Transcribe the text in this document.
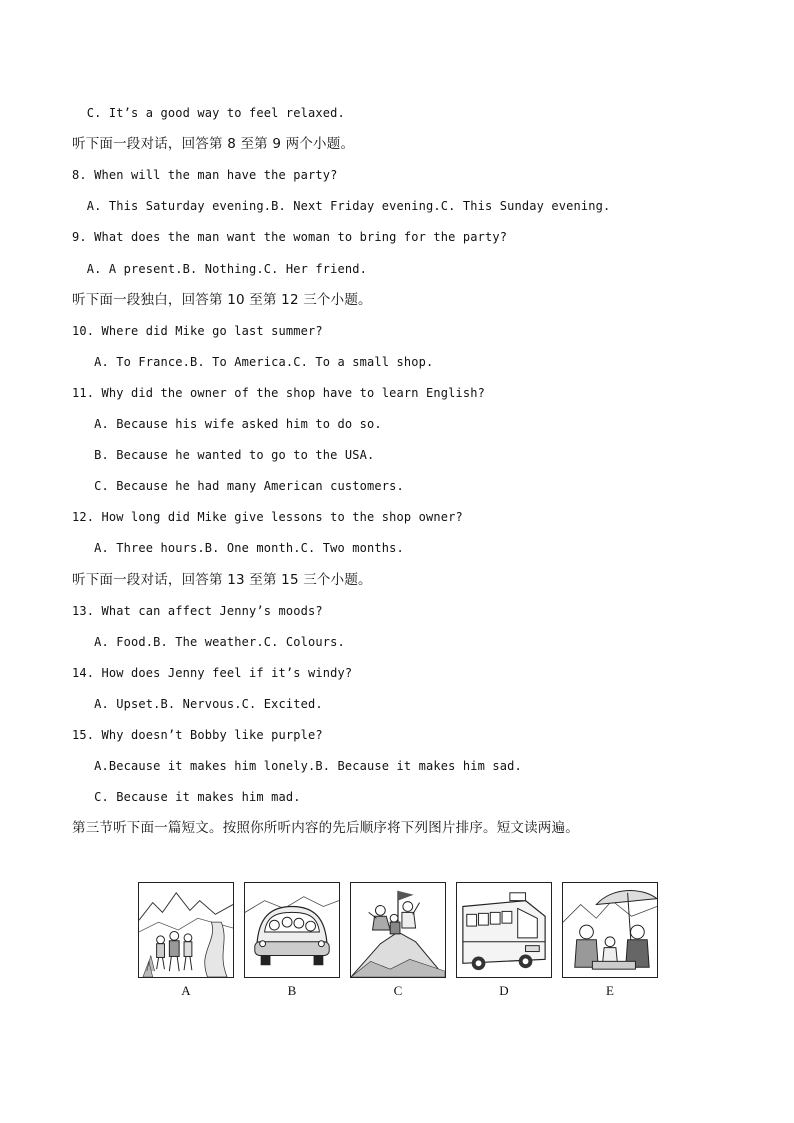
C. It’s a good way to feel relaxed.
听下面一段对话，回答第 8 至第 9 两个小题。
8. When will the man have the party?
A. This Saturday evening.B. Next Friday evening.C. This Sunday evening.
9. What does the man want the woman to bring for the party?
A. A present.B. Nothing.C. Her friend.
听下面一段独白，回答第 10 至第 12 三个小题。
10. Where did Mike go last summer?
A. To France.B. To America.C. To a small shop.
11. Why did the owner of the shop have to learn English?
A. Because his wife asked him to do so.
B. Because he wanted to go to the USA.
C. Because he had many American customers.
12. How long did Mike give lessons to the shop owner?
A. Three hours.B. One month.C. Two months.
听下面一段对话，回答第 13 至第 15 三个小题。
13. What can affect Jenny’s moods?
A. Food.B. The weather.C. Colours.
14. How does Jenny feel if it’s windy?
A. Upset.B. Nervous.C. Excited.
15. Why doesn’t Bobby like purple?
A.Because it makes him lonely.B. Because it makes him sad.
C. Because it makes him mad.
第三节听下面一篇短文。按照你所听内容的先后顺序将下列图片排序。短文读两遍。
A	B	C	D	E
